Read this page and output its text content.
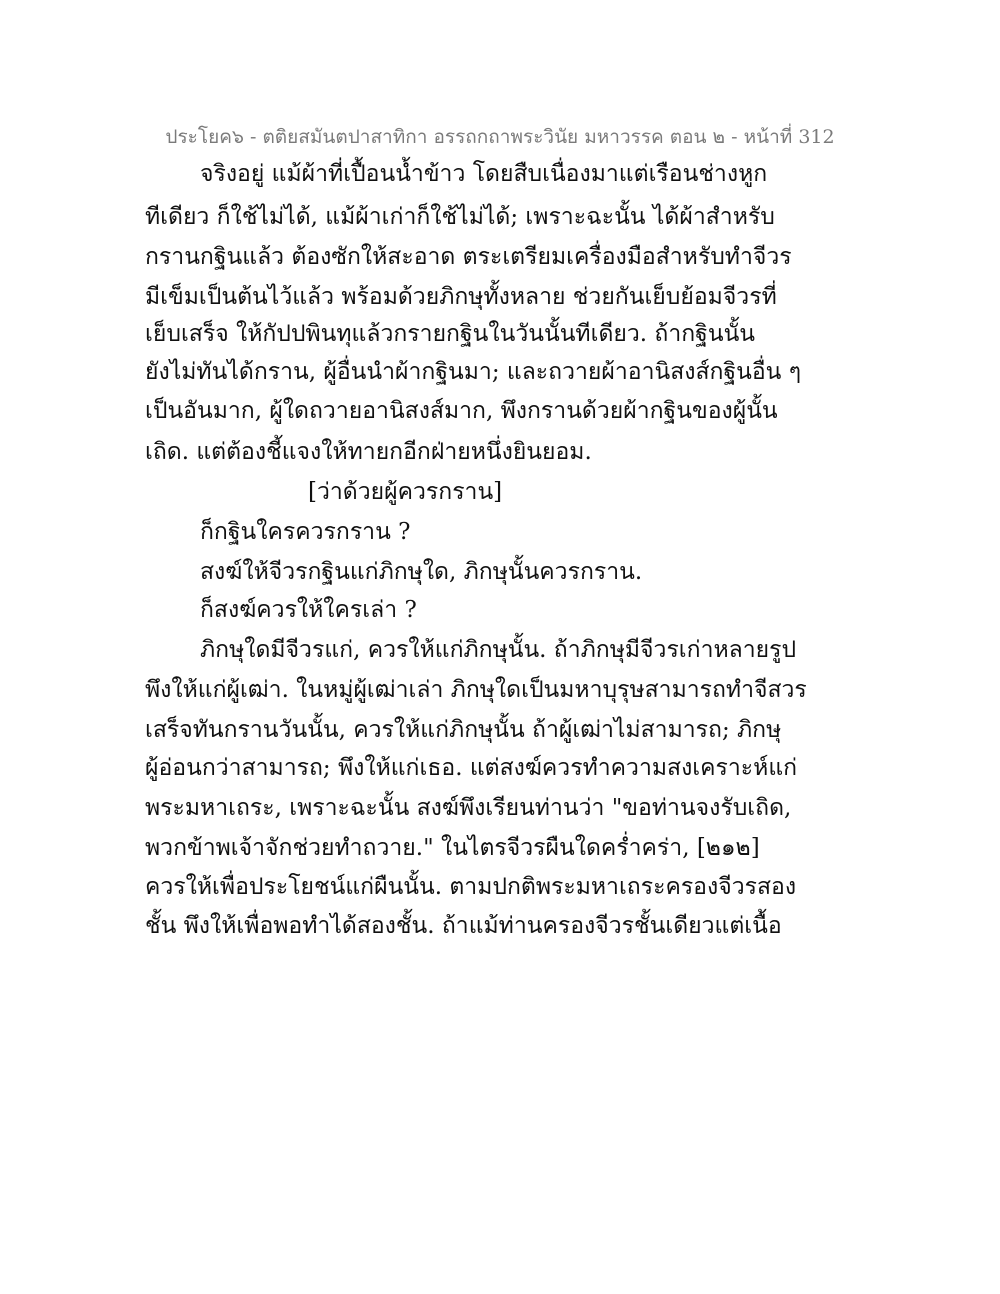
ประโยค๖ - ตติยสมันตปาสาทิกา อรรถกถาพระวินัย มหาวรรค ตอน ๒ - หน้าที่ 312
จริงอยู่ แม้ผ้าที่เปื้อนน้ำข้าว โดยสืบเนื่องมาแต่เรือนช่างหูก
ทีเดียว ก็ใช้ไม่ได้, แม้ผ้าเก่าก็ใช้ไม่ได้; เพราะฉะนั้น ได้ผ้าสำหรับ
กรานกฐินแล้ว ต้องซักให้สะอาด ตระเตรียมเครื่องมือสำหรับทำจีวร
มีเข็มเป็นต้นไว้แล้ว พร้อมด้วยภิกษุทั้งหลาย ช่วยกันเย็บย้อมจีวรที่
เย็บเสร็จ ให้กัปปพินทุแล้วกรายกฐินในวันนั้นทีเดียว. ถ้ากฐินนั้น
ยังไม่ทันได้กราน, ผู้อื่นนำผ้ากฐินมา; และถวายผ้าอานิสงส์กฐินอื่น ๆ
เป็นอันมาก, ผู้ใดถวายอานิสงส์มาก, พึงกรานด้วยผ้ากฐินของผู้นั้น
เถิด. แต่ต้องชี้แจงให้ทายกอีกฝ่ายหนึ่งยินยอม.
[ว่าด้วยผู้ควรกราน]
ก็กฐินใครควรกราน ?
สงฆ์ให้จีวรกฐินแก่ภิกษุใด, ภิกษุนั้นควรกราน.
ก็สงฆ์ควรให้ใครเล่า ?
ภิกษุใดมีจีวรแก่, ควรให้แก่ภิกษุนั้น. ถ้าภิกษุมีจีวรเก่าหลายรูป
พึงให้แก่ผู้เฒ่า. ในหมู่ผู้เฒ่าเล่า ภิกษุใดเป็นมหาบุรุษสามารถทำจีสวร
เสร็จทันกรานวันนั้น, ควรให้แก่ภิกษุนั้น ถ้าผู้เฒ่าไม่สามารถ; ภิกษุ
ผู้อ่อนกว่าสามารถ; พึงให้แก่เธอ. แต่สงฆ์ควรทำความสงเคราะห์แก่
พระมหาเถระ, เพราะฉะนั้น สงฆ์พึงเรียนท่านว่า "ขอท่านจงรับเถิด,
พวกข้าพเจ้าจักช่วยทำถวาย." ในไตรจีวรผืนใดคร่ำคร่า, [๒๑๒]
ควรให้เพื่อประโยชน์แก่ผืนนั้น. ตามปกติพระมหาเถระครองจีวรสอง
ชั้น พึงให้เพื่อพอทำได้สองชั้น. ถ้าแม้ท่านครองจีวรชั้นเดียวแต่เนื้อ
